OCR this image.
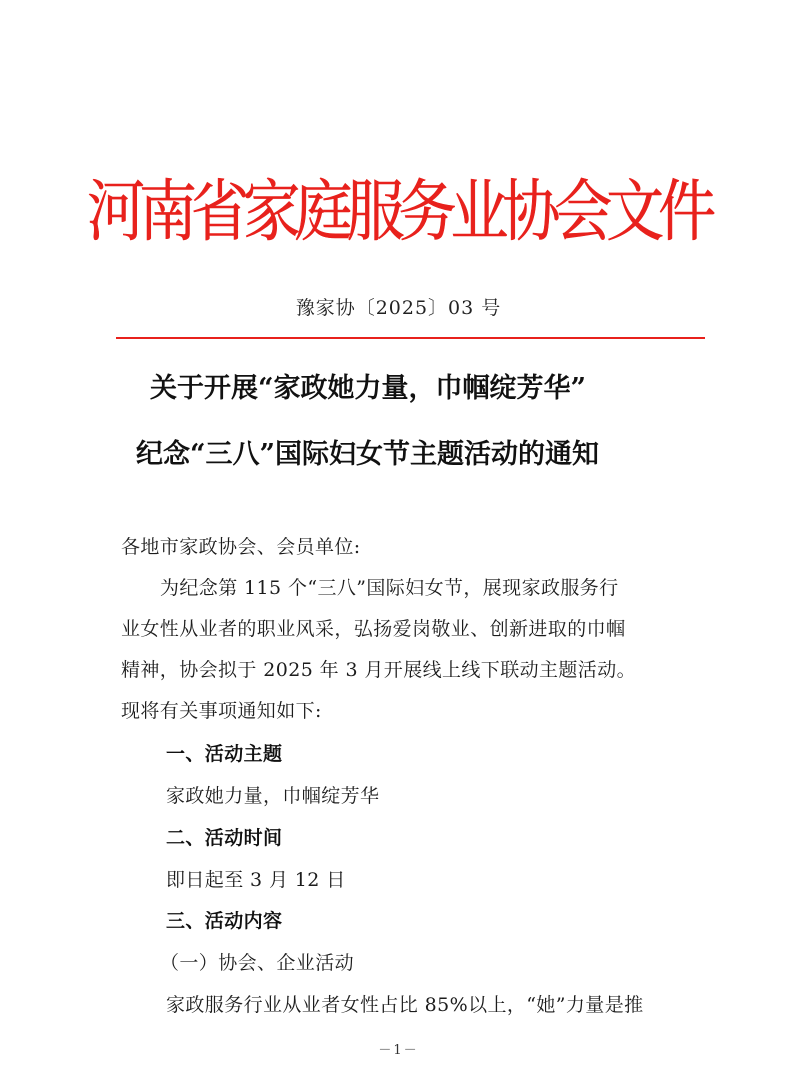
河南省家庭服务业协会文件
豫家协〔2025〕03 号
关于开展“家政她力量，巾帼绽芳华”
纪念“三八”国际妇女节主题活动的通知
各地市家政协会、会员单位:
为纪念第 115 个“三八”国际妇女节，展现家政服务行
业女性从业者的职业风采，弘扬爱岗敬业、创新进取的巾帼
精神，协会拟于 2025 年 3 月开展线上线下联动主题活动。
现将有关事项通知如下:
一、活动主题
家政她力量，巾帼绽芳华
二、活动时间
即日起至 3 月 12 日
三、活动内容
（一）协会、企业活动
家政服务行业从业者女性占比 85%以上，“她”力量是推
－1－
